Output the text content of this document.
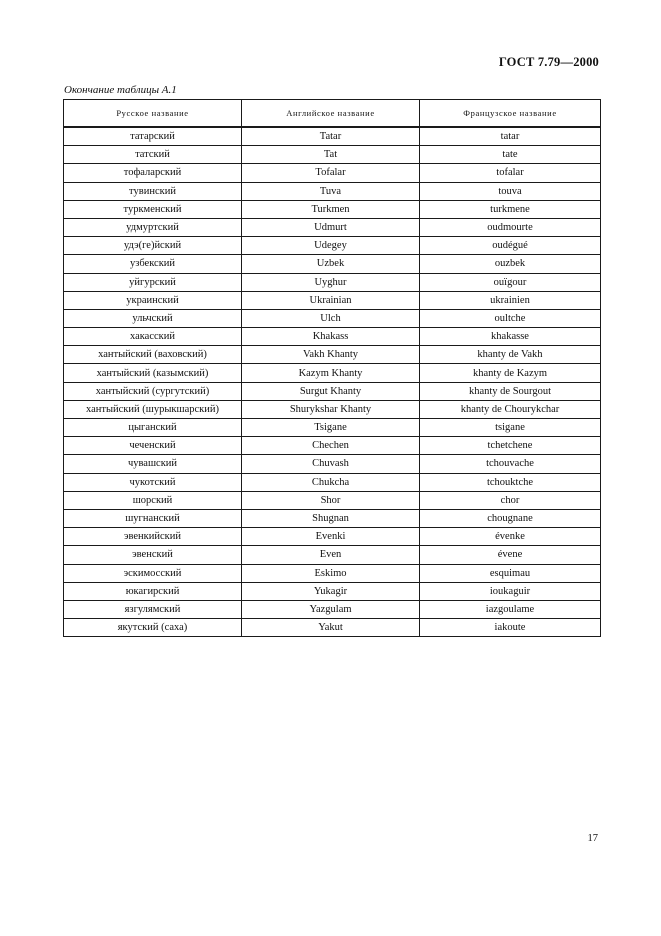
ГОСТ 7.79—2000
Окончание таблицы А.1
Русское название	Английское название	Французское название
татарский	Tatar	tatar
татский	Tat	tate
тофаларский	Tofalar	tofalar
тувинский	Tuva	touva
туркменский	Turkmen	turkmene
удмуртский	Udmurt	oudmourte
удэ(ге)йский	Udegey	oudégué
узбекский	Uzbek	ouzbek
уйгурский	Uyghur	ouïgour
украинский	Ukrainian	ukrainien
ульчский	Ulch	oultche
хакасский	Khakass	khakasse
хантыйский (ваховский)	Vakh Khanty	khanty de Vakh
хантыйский (казымский)	Kazym Khanty	khanty de Kazym
хантыйский (сургутский)	Surgut Khanty	khanty de Sourgout
хантыйский (шурыкшарский)	Shurykshar Khanty	khanty de Chourykchar
цыганский	Tsigane	tsigane
чеченский	Chechen	tchetchene
чувашский	Chuvash	tchouvache
чукотский	Chukcha	tchouktche
шорский	Shor	chor
шугнанский	Shugnan	chougnane
эвенкийский	Evenki	évenke
эвенский	Even	évene
эскимосский	Eskimo	esquimau
юкагирский	Yukagir	ioukaguir
язгулямский	Yazgulam	iazgoulame
якутский (саха)	Yakut	iakoute
17
